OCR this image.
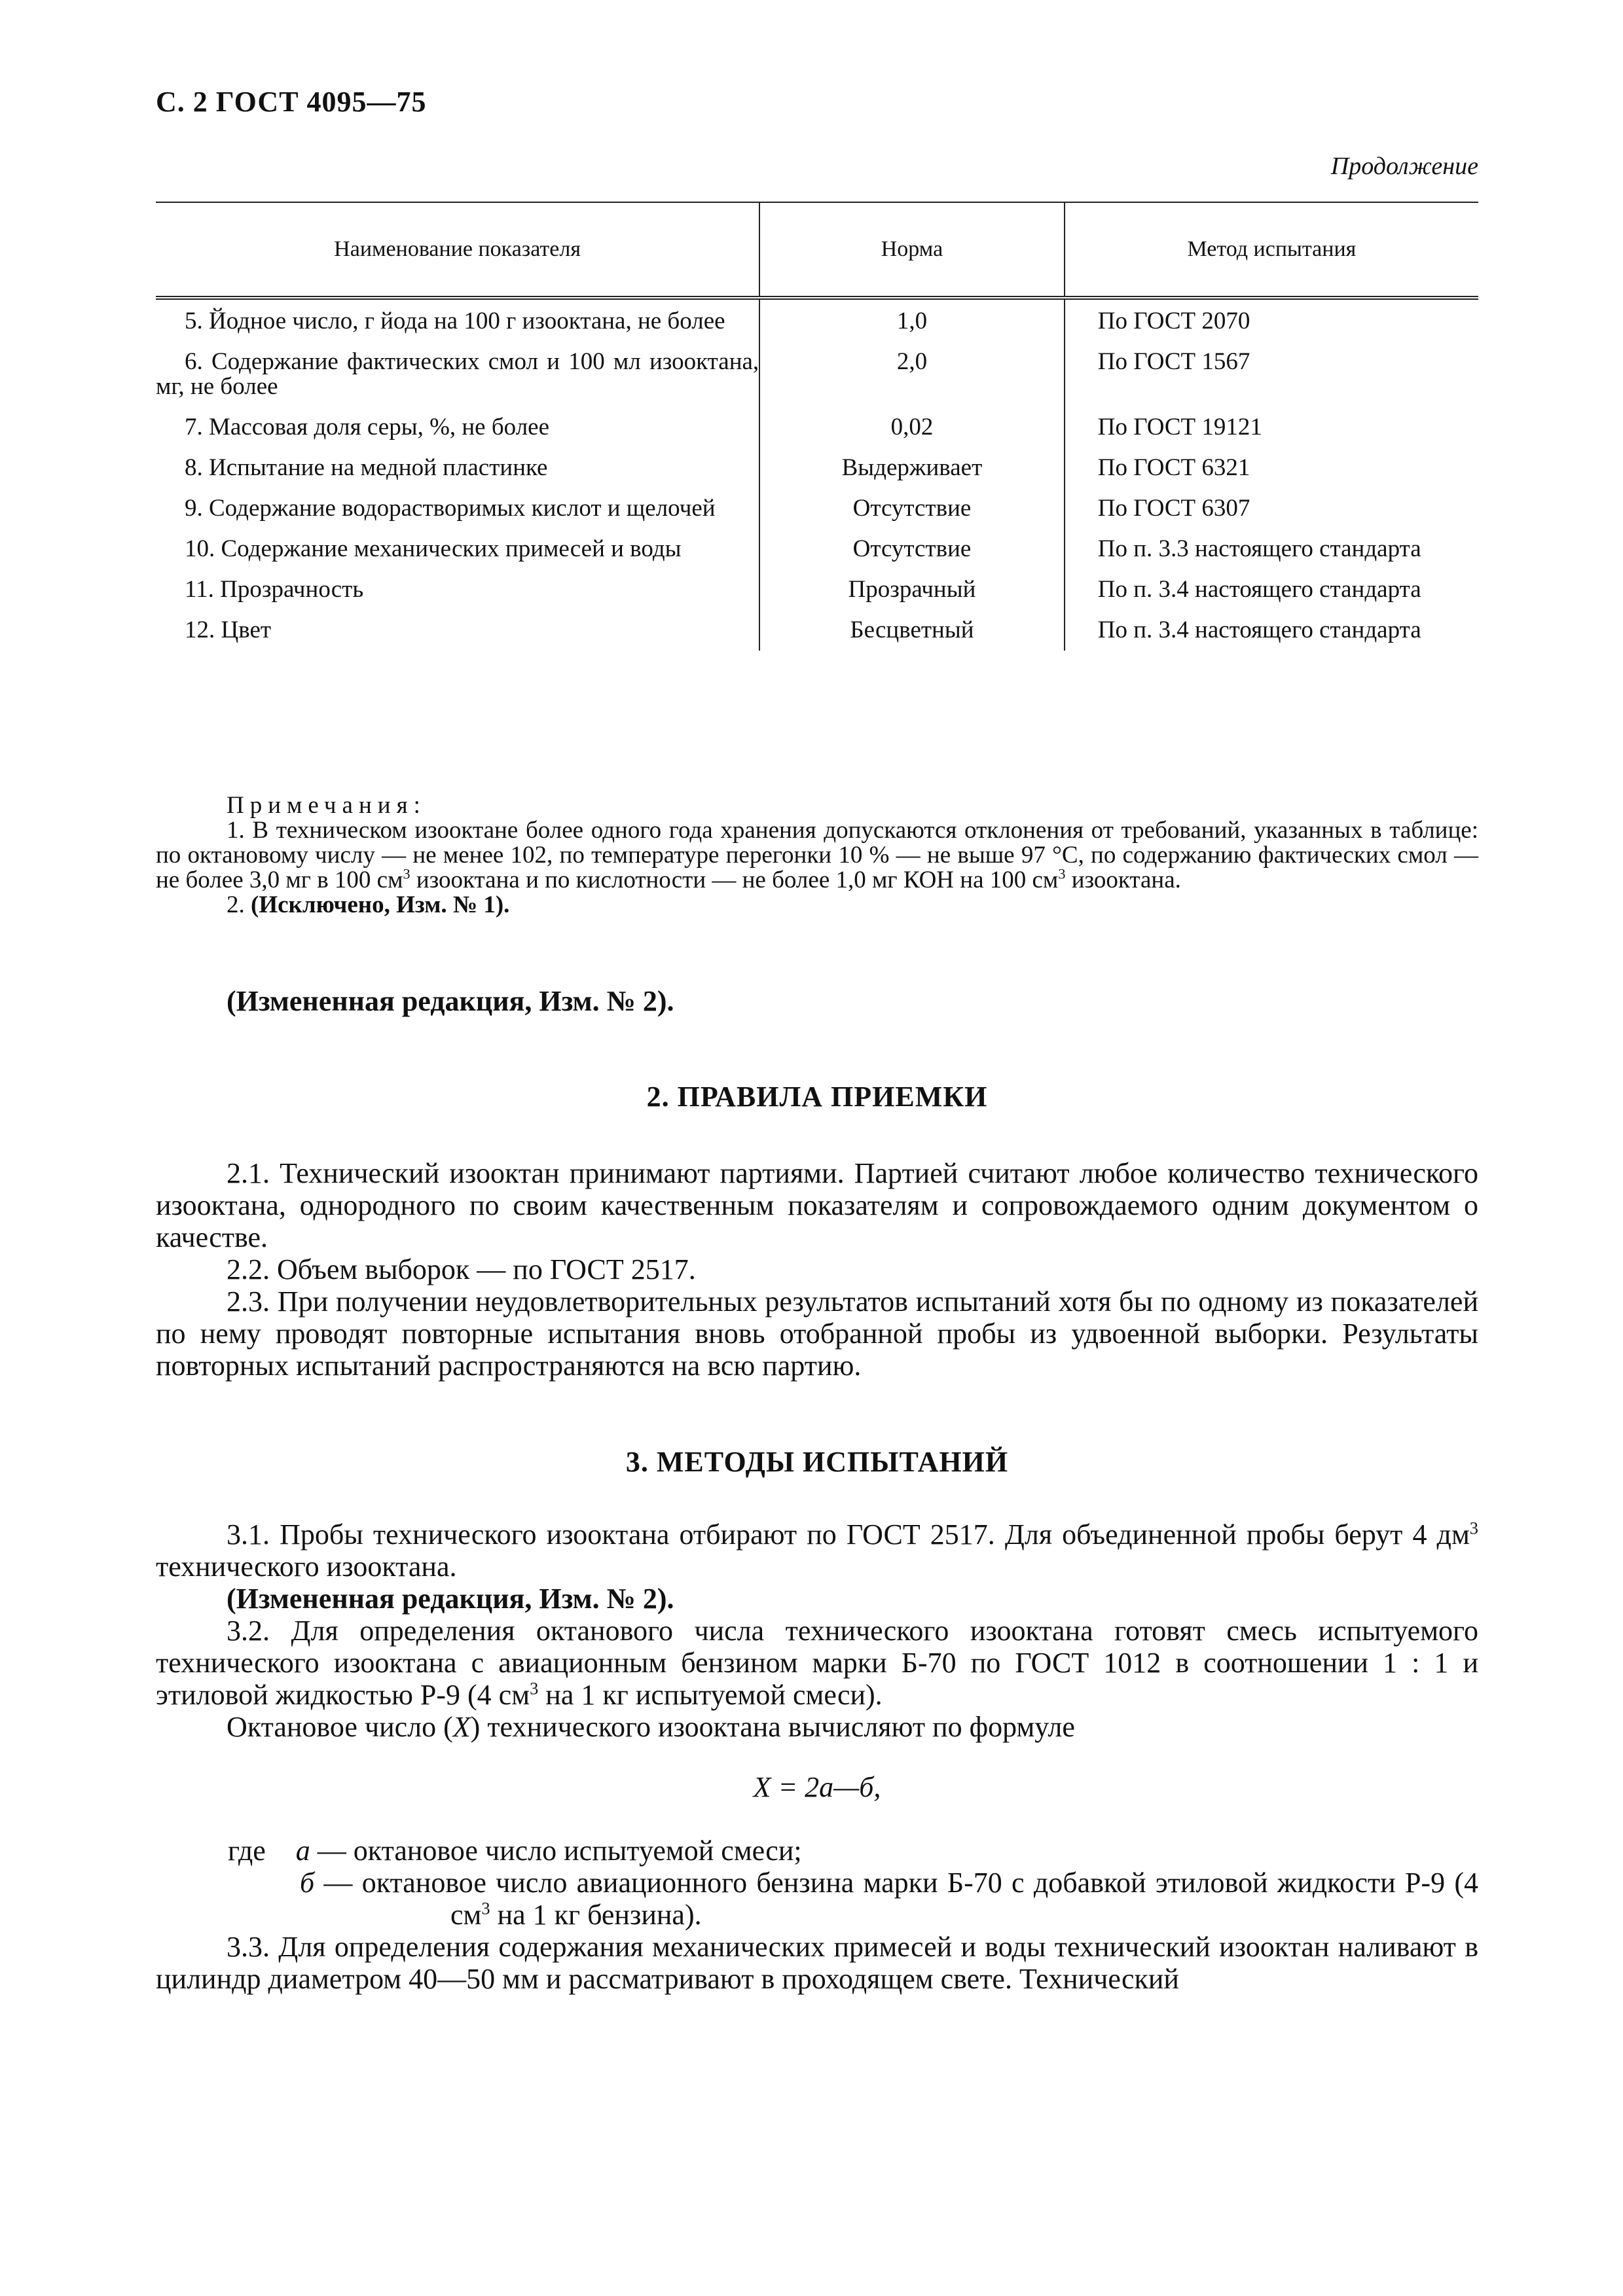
С. 2 ГОСТ 4095—75
Продолжение
Наименование показателя	Норма	Метод испытания
5. Йодное число, г йода на 100 г изооктана, не более	1,0	По ГОСТ 2070
6. Содержание фактических смол и 100 мл изооктана, мг, не более	2,0	По ГОСТ 1567
7. Массовая доля серы, %, не более	0,02	По ГОСТ 19121
8. Испытание на медной пластинке	Выдерживает	По ГОСТ 6321
9. Содержание водорастворимых кислот и щелочей	Отсутствие	По ГОСТ 6307
10. Содержание механических примесей и воды	Отсутствие	По п. 3.3 настоящего стандарта
11. Прозрачность	Прозрачный	По п. 3.4 настоящего стандарта
12. Цвет	Бесцветный	По п. 3.4 настоящего стандарта

Примечания:

1. В техническом изооктане более одного года хранения допускаются отклонения от требований, указанных в таблице: по октановому числу — не менее 102, по температуре перегонки 10 % — не выше 97 °С, по содержанию фактических смол — не более 3,0 мг в 100 $см^3$ изооктана и по кислотности — не более 1,0 мг КОН на 100 $см^3$ изооктана.

2. (Исключено, Изм. № 1).

(Измененная редакция, Изм. № 2).

2. ПРАВИЛА ПРИЕМКИ

2.1. Технический изооктан принимают партиями. Партией считают любое количество технического изооктана, однородного по своим качественным показателям и сопровождаемого одним документом о качестве.

2.2. Объем выборок — по ГОСТ 2517.

2.3. При получении неудовлетворительных результатов испытаний хотя бы по одному из показателей по нему проводят повторные испытания вновь отобранной пробы из удвоенной выборки. Результаты повторных испытаний распространяются на всю партию.

3. МЕТОДЫ ИСПЫТАНИЙ

3.1. Пробы технического изооктана отбирают по ГОСТ 2517. Для объединенной пробы берут 4 $дм^3$ технического изооктана.

(Измененная редакция, Изм. № 2).

3.2. Для определения октанового числа технического изооктана готовят смесь испытуемого технического изооктана с авиационным бензином марки Б-70 по ГОСТ 1012 в соотношении 1 : 1 и этиловой жидкостью Р-9 (4 $см^3$ на 1 кг испытуемой смеси).

Октановое число (X) технического изооктана вычисляют по формуле

X = 2a—б,
где а — октановое число испытуемой смеси;
б — октановое число авиационного бензина марки Б-70 с добавкой этиловой жидкости Р-9 (4 $см^3$ на 1 кг бензина).

3.3. Для определения содержания механических примесей и воды технический изооктан наливают в цилиндр диаметром 40—50 мм и рассматривают в проходящем свете. Технический
